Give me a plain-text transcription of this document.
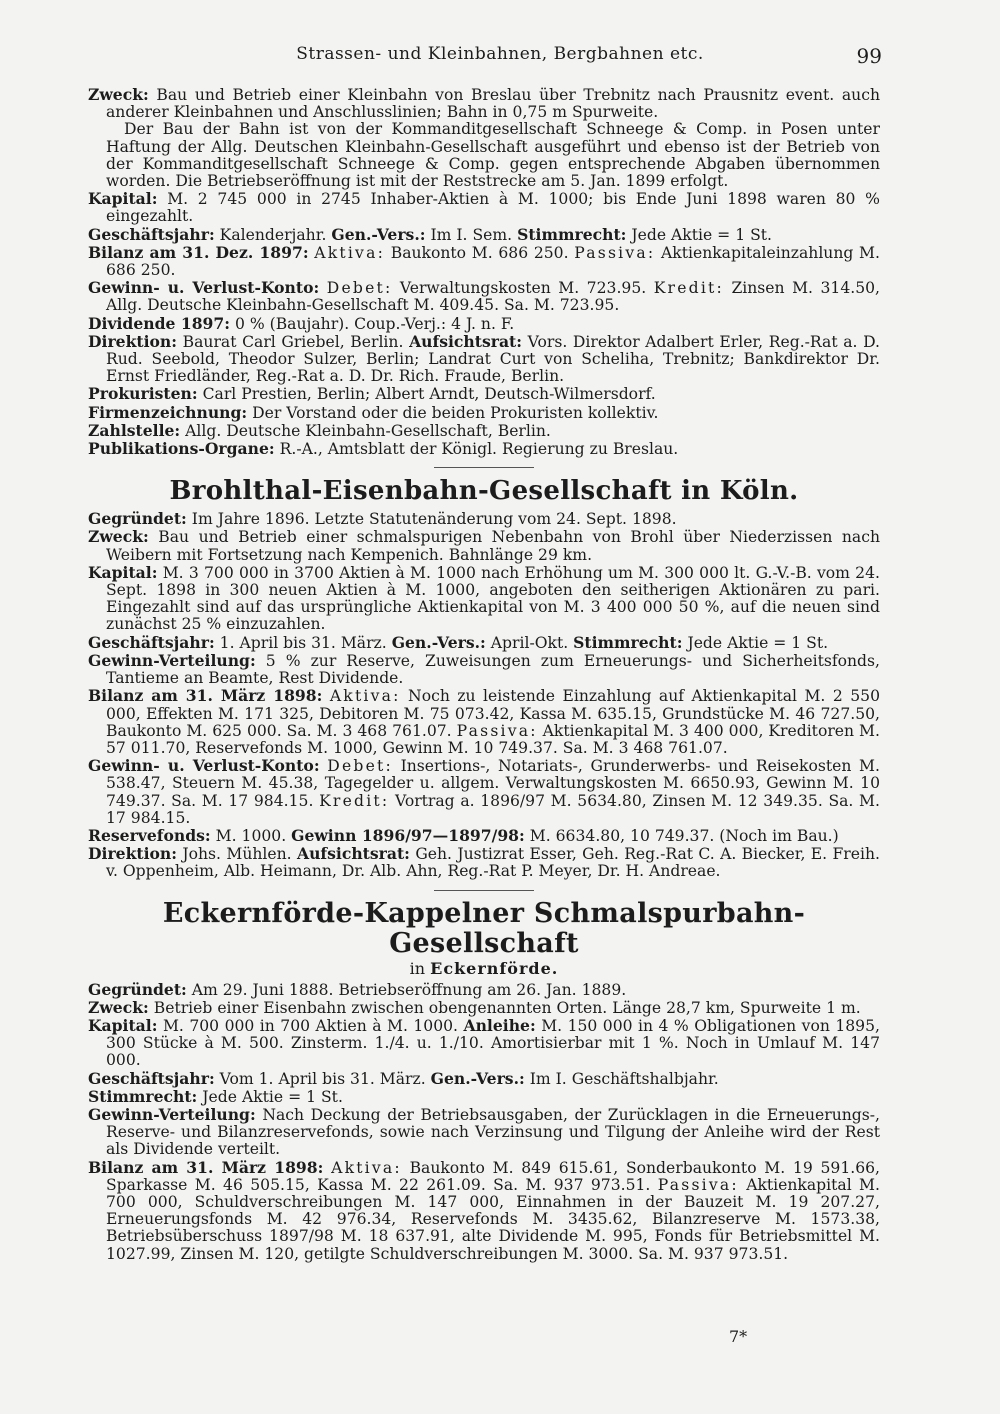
Strassen- und Kleinbahnen, Bergbahnen etc.	99

Zweck: Bau und Betrieb einer Kleinbahn von Breslau über Trebnitz nach Prausnitz event. auch anderer Kleinbahnen und Anschlusslinien; Bahn in 0,75 m Spurweite.

Der Bau der Bahn ist von der Kommanditgesellschaft Schneege & Comp. in Posen unter Haftung der Allg. Deutschen Kleinbahn-Gesellschaft ausgeführt und ebenso ist der Betrieb von der Kommanditgesellschaft Schneege & Comp. gegen entsprechende Abgaben übernommen worden. Die Betriebseröffnung ist mit der Reststrecke am 5. Jan. 1899 erfolgt.

Kapital: M. 2 745 000 in 2745 Inhaber-Aktien à M. 1000; bis Ende Juni 1898 waren 80 % eingezahlt.

Geschäftsjahr: Kalenderjahr. Gen.-Vers.: Im I. Sem. Stimmrecht: Jede Aktie = 1 St.

Bilanz am 31. Dez. 1897: Aktiva: Baukonto M. 686 250. Passiva: Aktienkapitaleinzahlung M. 686 250.

Gewinn- u. Verlust-Konto: Debet: Verwaltungskosten M. 723.95. Kredit: Zinsen M. 314.50, Allg. Deutsche Kleinbahn-Gesellschaft M. 409.45. Sa. M. 723.95.

Dividende 1897: 0 % (Baujahr). Coup.-Verj.: 4 J. n. F.

Direktion: Baurat Carl Griebel, Berlin. Aufsichtsrat: Vors. Direktor Adalbert Erler, Reg.-Rat a. D. Rud. Seebold, Theodor Sulzer, Berlin; Landrat Curt von Scheliha, Trebnitz; Bankdirektor Dr. Ernst Friedländer, Reg.-Rat a. D. Dr. Rich. Fraude, Berlin.

Prokuristen: Carl Prestien, Berlin; Albert Arndt, Deutsch-Wilmersdorf.

Firmenzeichnung: Der Vorstand oder die beiden Prokuristen kollektiv.

Zahlstelle: Allg. Deutsche Kleinbahn-Gesellschaft, Berlin.

Publikations-Organe: R.-A., Amtsblatt der Königl. Regierung zu Breslau.

Brohlthal-Eisenbahn-Gesellschaft in Köln.

Gegründet: Im Jahre 1896. Letzte Statutenänderung vom 24. Sept. 1898.

Zweck: Bau und Betrieb einer schmalspurigen Nebenbahn von Brohl über Niederzissen nach Weibern mit Fortsetzung nach Kempenich. Bahnlänge 29 km.

Kapital: M. 3 700 000 in 3700 Aktien à M. 1000 nach Erhöhung um M. 300 000 lt. G.-V.-B. vom 24. Sept. 1898 in 300 neuen Aktien à M. 1000, angeboten den seitherigen Aktionären zu pari. Eingezahlt sind auf das ursprüngliche Aktienkapital von M. 3 400 000 50 %, auf die neuen sind zunächst 25 % einzuzahlen.

Geschäftsjahr: 1. April bis 31. März. Gen.-Vers.: April-Okt. Stimmrecht: Jede Aktie = 1 St.

Gewinn-Verteilung: 5 % zur Reserve, Zuweisungen zum Erneuerungs- und Sicherheitsfonds, Tantieme an Beamte, Rest Dividende.

Bilanz am 31. März 1898: Aktiva: Noch zu leistende Einzahlung auf Aktienkapital M. 2 550 000, Effekten M. 171 325, Debitoren M. 75 073.42, Kassa M. 635.15, Grundstücke M. 46 727.50, Baukonto M. 625 000. Sa. M. 3 468 761.07. Passiva: Aktienkapital M. 3 400 000, Kreditoren M. 57 011.70, Reservefonds M. 1000, Gewinn M. 10 749.37. Sa. M. 3 468 761.07.

Gewinn- u. Verlust-Konto: Debet: Insertions-, Notariats-, Grunderwerbs- und Reisekosten M. 538.47, Steuern M. 45.38, Tagegelder u. allgem. Verwaltungskosten M. 6650.93, Gewinn M. 10 749.37. Sa. M. 17 984.15. Kredit: Vortrag a. 1896/97 M. 5634.80, Zinsen M. 12 349.35. Sa. M. 17 984.15.

Reservefonds: M. 1000. Gewinn 1896/97—1897/98: M. 6634.80, 10 749.37. (Noch im Bau.)

Direktion: Johs. Mühlen. Aufsichtsrat: Geh. Justizrat Esser, Geh. Reg.-Rat C. A. Biecker, E. Freih. v. Oppenheim, Alb. Heimann, Dr. Alb. Ahn, Reg.-Rat P. Meyer, Dr. H. Andreae.

Eckernförde-Kappelner Schmalspurbahn-Gesellschaft
in Eckernförde.

Gegründet: Am 29. Juni 1888. Betriebseröffnung am 26. Jan. 1889.

Zweck: Betrieb einer Eisenbahn zwischen obengenannten Orten. Länge 28,7 km, Spurweite 1 m.

Kapital: M. 700 000 in 700 Aktien à M. 1000. Anleihe: M. 150 000 in 4 % Obligationen von 1895, 300 Stücke à M. 500. Zinsterm. 1./4. u. 1./10. Amortisierbar mit 1 %. Noch in Umlauf M. 147 000.

Geschäftsjahr: Vom 1. April bis 31. März. Gen.-Vers.: Im I. Geschäftshalbjahr.

Stimmrecht: Jede Aktie = 1 St.

Gewinn-Verteilung: Nach Deckung der Betriebsausgaben, der Zurücklagen in die Erneuerungs-, Reserve- und Bilanzreservefonds, sowie nach Verzinsung und Tilgung der Anleihe wird der Rest als Dividende verteilt.

Bilanz am 31. März 1898: Aktiva: Baukonto M. 849 615.61, Sonderbaukonto M. 19 591.66, Sparkasse M. 46 505.15, Kassa M. 22 261.09. Sa. M. 937 973.51. Passiva: Aktienkapital M. 700 000, Schuldverschreibungen M. 147 000, Einnahmen in der Bauzeit M. 19 207.27, Erneuerungsfonds M. 42 976.34, Reservefonds M. 3435.62, Bilanzreserve M. 1573.38, Betriebsüberschuss 1897/98 M. 18 637.91, alte Dividende M. 995, Fonds für Betriebsmittel M. 1027.99, Zinsen M. 120, getilgte Schuldverschreibungen M. 3000. Sa. M. 937 973.51.

7*
